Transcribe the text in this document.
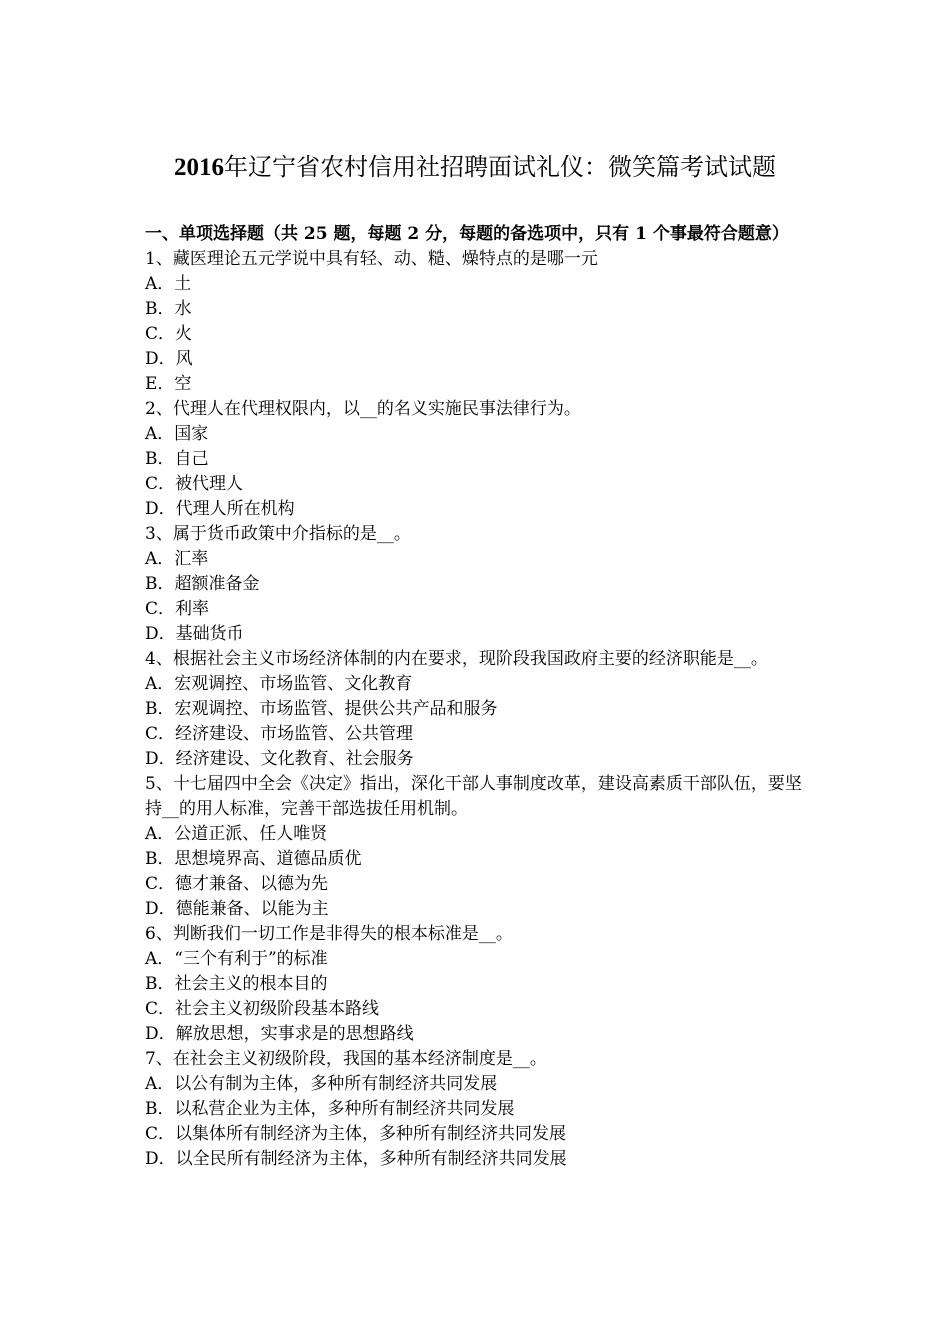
2016年辽宁省农村信用社招聘面试礼仪：微笑篇考试试题

一、单项选择题（共 25 题，每题 2 分，每题的备选项中，只有 1 个事最符合题意）

1、藏医理论五元学说中具有轻、动、糙、燥特点的是哪一元

A．土

B．水

C．火

D．风

E．空

2、代理人在代理权限内，以__的名义实施民事法律行为。

A．国家

B．自己

C．被代理人

D．代理人所在机构

3、属于货币政策中介指标的是__。

A．汇率

B．超额准备金

C．利率

D．基础货币

4、根据社会主义市场经济体制的内在要求，现阶段我国政府主要的经济职能是__。

A．宏观调控、市场监管、文化教育

B．宏观调控、市场监管、提供公共产品和服务

C．经济建设、市场监管、公共管理

D．经济建设、文化教育、社会服务

5、十七届四中全会《决定》指出，深化干部人事制度改革，建设高素质干部队伍，要坚持__的用人标准，完善干部选拔任用机制。

A．公道正派、任人唯贤

B．思想境界高、道德品质优

C．德才兼备、以德为先

D．德能兼备、以能为主

6、判断我们一切工作是非得失的根本标准是__。

A．“三个有利于”的标准

B．社会主义的根本目的

C．社会主义初级阶段基本路线

D．解放思想，实事求是的思想路线

7、在社会主义初级阶段，我国的基本经济制度是__。

A．以公有制为主体，多种所有制经济共同发展

B．以私营企业为主体，多种所有制经济共同发展

C．以集体所有制经济为主体，多种所有制经济共同发展

D．以全民所有制经济为主体，多种所有制经济共同发展
